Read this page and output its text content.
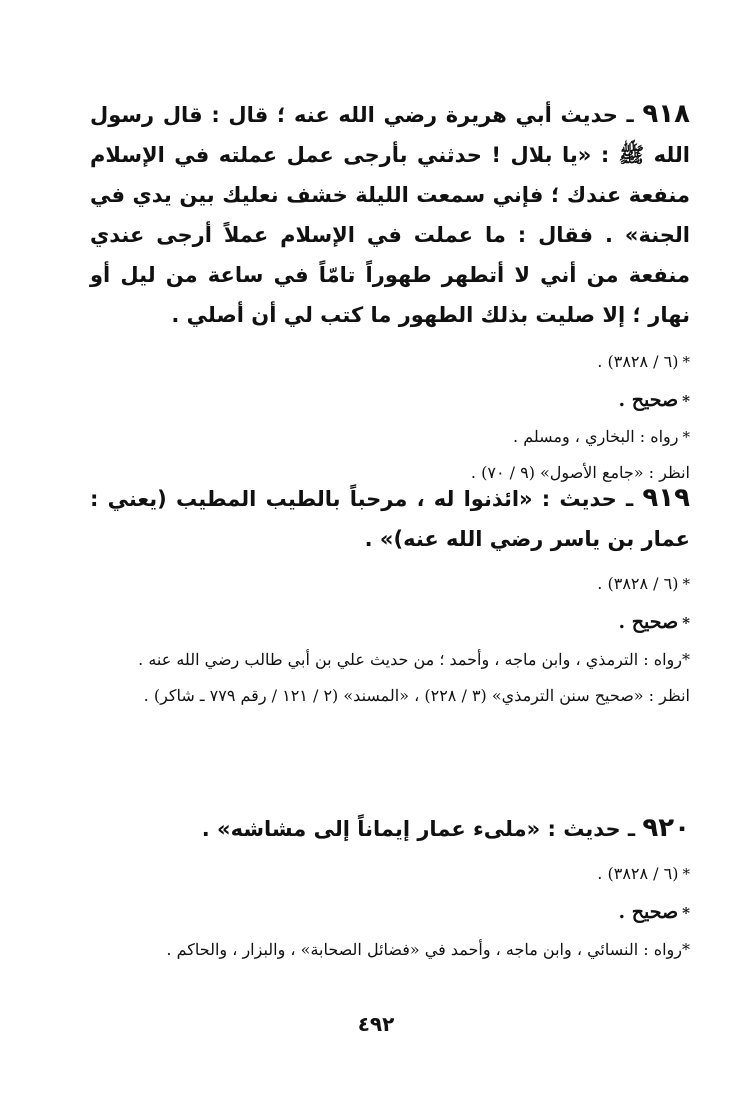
٩١٨ ـ حديث أبي هريرة رضي الله عنه ؛ قال : قال رسول الله ﷺ : «يا بلال ! حدثني بأرجى عمل عملته في الإسلام منفعة عندك ؛ فإني سمعت الليلة خشف نعليك بين يدي في الجنة» . فقال : ما عملت في الإسلام عملاً أرجى عندي منفعة من أني لا أتطهر طهوراً تامّاً في ساعة من ليل أو نهار ؛ إلا صليت بذلك الطهور ما كتب لي أن أصلي .

*(٦ / ٣٨٢٨) .

*صحيح .

*رواه : البخاري ، ومسلم .

انظر : «جامع الأصول» (٩ / ٧٠) .

٩١٩ ـ حديث : «ائذنوا له ، مرحباً بالطيب المطيب (يعني : عمار بن ياسر رضي الله عنه)» .

*(٦ / ٣٨٢٨) .

*صحيح .

*رواه : الترمذي ، وابن ماجه ، وأحمد ؛ من حديث علي بن أبي طالب رضي الله عنه .

انظر : «صحيح سنن الترمذي» (٣ / ٢٢٨) ، «المسند» (٢ / ١٢١ / رقم ٧٧٩ ـ شاكر) .

٩٢٠ ـ حديث : «ملىء عمار إيماناً إلى مشاشه» .

*(٦ / ٣٨٢٨) .

*صحيح .

*رواه : النسائي ، وابن ماجه ، وأحمد في «فضائل الصحابة» ، والبزار ، والحاكم .

٤٩٢
